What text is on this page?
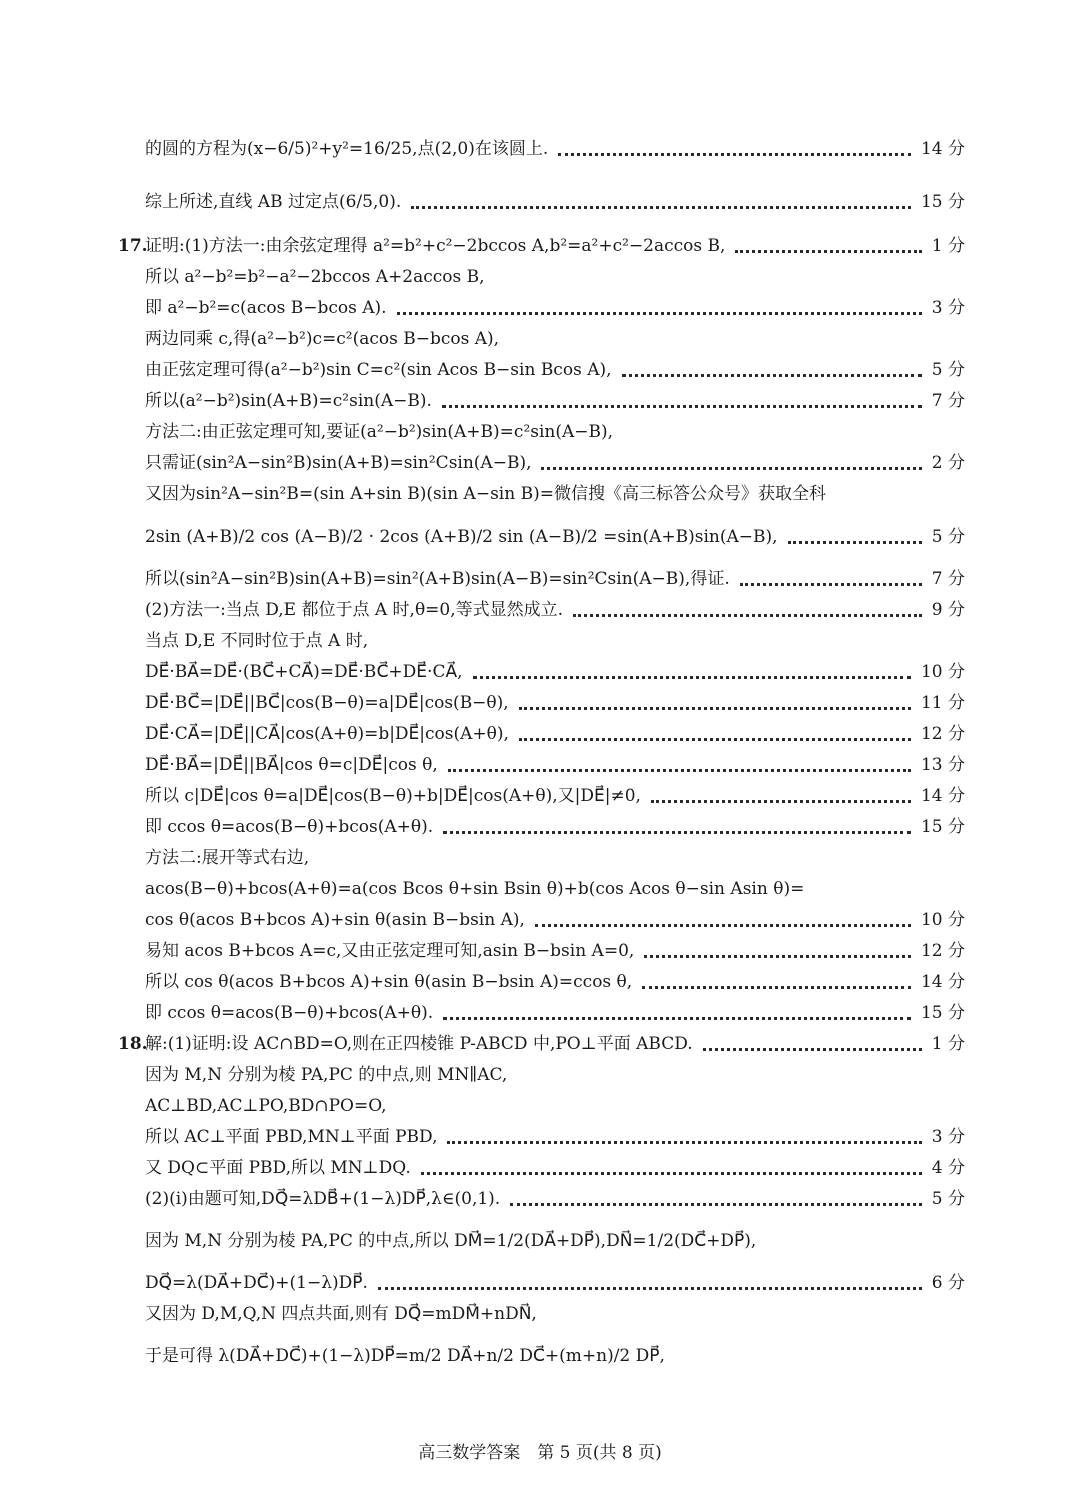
的圆的方程为(x−6/5)²+y²=16/25,点(2,0)在该圆上.	14 分
综上所述,直线 AB 过定点(6/5,0).	15 分
17.
证明:(1)方法一:由余弦定理得 a²=b²+c²−2bccos A,b²=a²+c²−2accos B,	1 分
所以 a²−b²=b²−a²−2bccos A+2accos B,
即 a²−b²=c(acos B−bcos A).	3 分
两边同乘 c,得(a²−b²)c=c²(acos B−bcos A),
由正弦定理可得(a²−b²)sin C=c²(sin Acos B−sin Bcos A),	5 分
所以(a²−b²)sin(A+B)=c²sin(A−B).	7 分
方法二:由正弦定理可知,要证(a²−b²)sin(A+B)=c²sin(A−B),
只需证(sin²A−sin²B)sin(A+B)=sin²Csin(A−B),	2 分
又因为sin²A−sin²B=(sin A+sin B)(sin A−sin B)=微信搜《高三标答公众号》获取全科
2sin (A+B)/2 cos (A−B)/2 · 2cos (A+B)/2 sin (A−B)/2 =sin(A+B)sin(A−B),	5 分
所以(sin²A−sin²B)sin(A+B)=sin²(A+B)sin(A−B)=sin²Csin(A−B),得证.	7 分
(2)方法一:当点 D,E 都位于点 A 时,θ=0,等式显然成立.	9 分
当点 D,E 不同时位于点 A 时,
DE⃗·BA⃗=DE⃗·(BC⃗+CA⃗)=DE⃗·BC⃗+DE⃗·CA⃗,	10 分
DE⃗·BC⃗=|DE⃗||BC⃗|cos(B−θ)=a|DE⃗|cos(B−θ),	11 分
DE⃗·CA⃗=|DE⃗||CA⃗|cos(A+θ)=b|DE⃗|cos(A+θ),	12 分
DE⃗·BA⃗=|DE⃗||BA⃗|cos θ=c|DE⃗|cos θ,	13 分
所以 c|DE⃗|cos θ=a|DE⃗|cos(B−θ)+b|DE⃗|cos(A+θ),又|DE⃗|≠0,	14 分
即 ccos θ=acos(B−θ)+bcos(A+θ).	15 分
方法二:展开等式右边,
acos(B−θ)+bcos(A+θ)=a(cos Bcos θ+sin Bsin θ)+b(cos Acos θ−sin Asin θ)=
cos θ(acos B+bcos A)+sin θ(asin B−bsin A),	10 分
易知 acos B+bcos A=c,又由正弦定理可知,asin B−bsin A=0,	12 分
所以 cos θ(acos B+bcos A)+sin θ(asin B−bsin A)=ccos θ,	14 分
即 ccos θ=acos(B−θ)+bcos(A+θ).	15 分
18.
解:(1)证明:设 AC∩BD=O,则在正四棱锥 P-ABCD 中,PO⊥平面 ABCD.	1 分
因为 M,N 分别为棱 PA,PC 的中点,则 MN∥AC,
AC⊥BD,AC⊥PO,BD∩PO=O,
所以 AC⊥平面 PBD,MN⊥平面 PBD,	3 分
又 DQ⊂平面 PBD,所以 MN⊥DQ.	4 分
(2)(i)由题可知,DQ⃗=λDB⃗+(1−λ)DP⃗,λ∈(0,1).	5 分
因为 M,N 分别为棱 PA,PC 的中点,所以 DM⃗=1/2(DA⃗+DP⃗),DN⃗=1/2(DC⃗+DP⃗),
DQ⃗=λ(DA⃗+DC⃗)+(1−λ)DP⃗.	6 分
又因为 D,M,Q,N 四点共面,则有 DQ⃗=mDM⃗+nDN⃗,
于是可得 λ(DA⃗+DC⃗)+(1−λ)DP⃗=m/2 DA⃗+n/2 DC⃗+(m+n)/2 DP⃗,
高三数学答案　第 5 页(共 8 页)
